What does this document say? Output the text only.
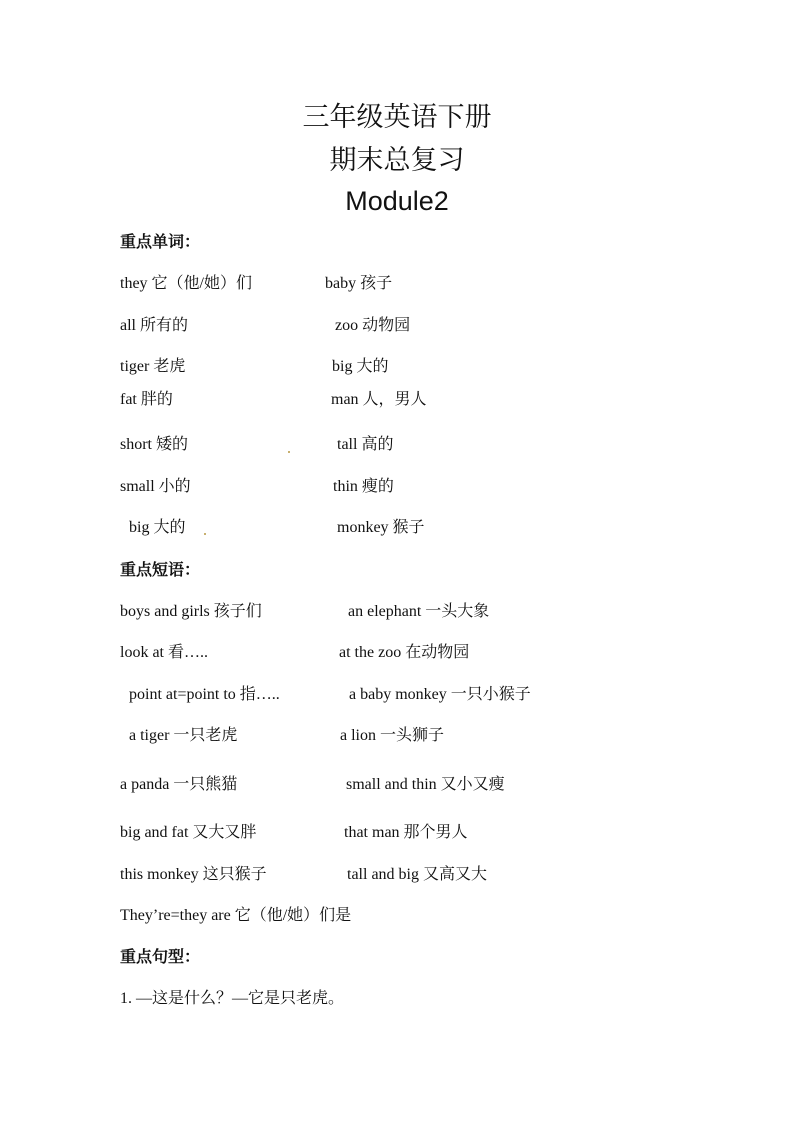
三年级英语下册
期末总复习
Module2
重点单词：
they 它（他/她）们	baby 孩子
all 所有的	zoo 动物园
tiger 老虎	big 大的
fat 胖的	man 人，男人
short 矮的	tall 高的
small 小的	thin 瘦的
big 大的	monkey 猴子
重点短语：
boys and girls 孩子们	an elephant 一头大象
look at 看…..	at the zoo 在动物园
point at=point to 指…..	a baby monkey 一只小猴子
a tiger 一只老虎	a lion 一头狮子
a panda 一只熊猫	small and thin 又小又瘦
big and fat 又大又胖	that man 那个男人
this monkey 这只猴子	tall and big 又高又大
They’re=they are 它（他/她）们是
重点句型：
1. —这是什么？—它是只老虎。
